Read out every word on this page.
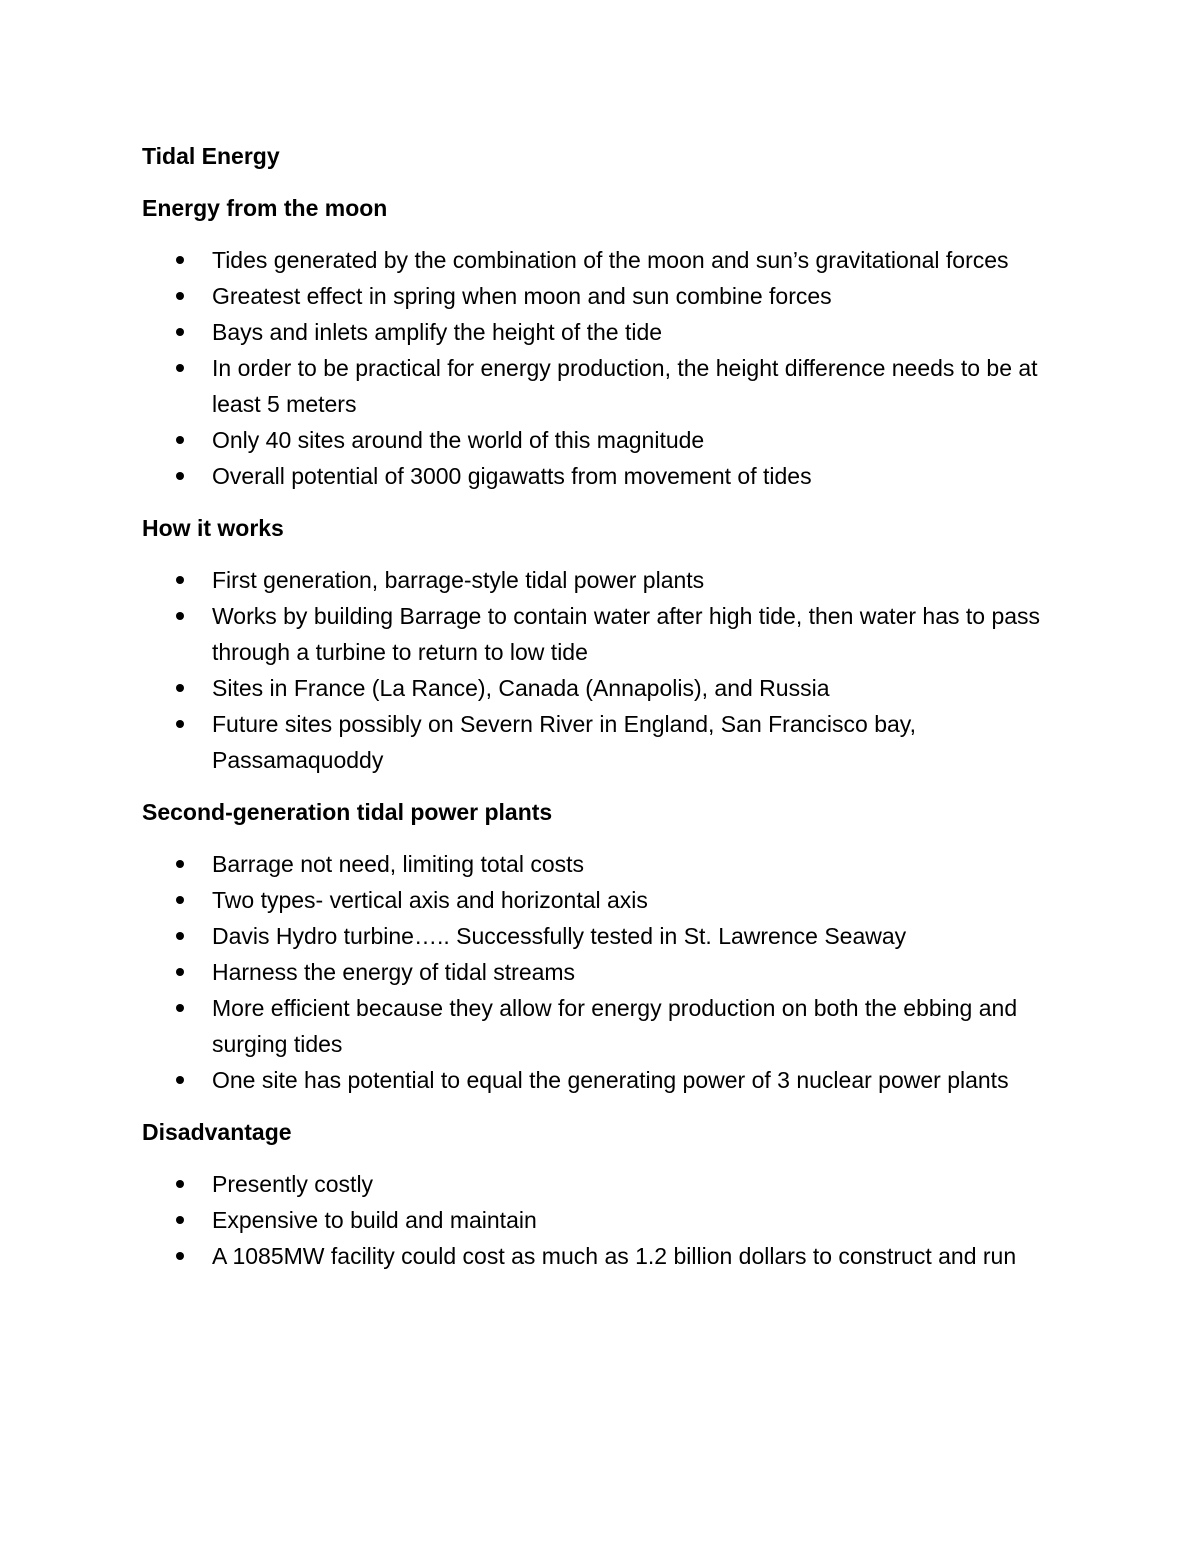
Tidal Energy

Energy from the moon

Tides generated by the combination of the moon and sun’s gravitational forces
Greatest effect in spring when moon and sun combine forces
Bays and inlets amplify the height of the tide
In order to be practical for energy production, the height difference needs to be at least 5 meters
Only 40 sites around the world of this magnitude
Overall potential of 3000 gigawatts from movement of tides

How it works

First generation, barrage-style tidal power plants
Works by building Barrage to contain water after high tide, then water has to pass through a turbine to return to low tide
Sites in France (La Rance), Canada (Annapolis), and Russia
Future sites possibly on Severn River in England, San Francisco bay, Passamaquoddy

Second-generation tidal power plants

Barrage not need, limiting total costs
Two types- vertical axis and horizontal axis
Davis Hydro turbine….. Successfully tested in St. Lawrence Seaway
Harness the energy of tidal streams
More efficient because they allow for energy production on both the ebbing and surging tides
One site has potential to equal the generating power of 3 nuclear power plants

Disadvantage

Presently costly
Expensive to build and maintain
A 1085MW facility could cost as much as 1.2 billion dollars to construct and run
